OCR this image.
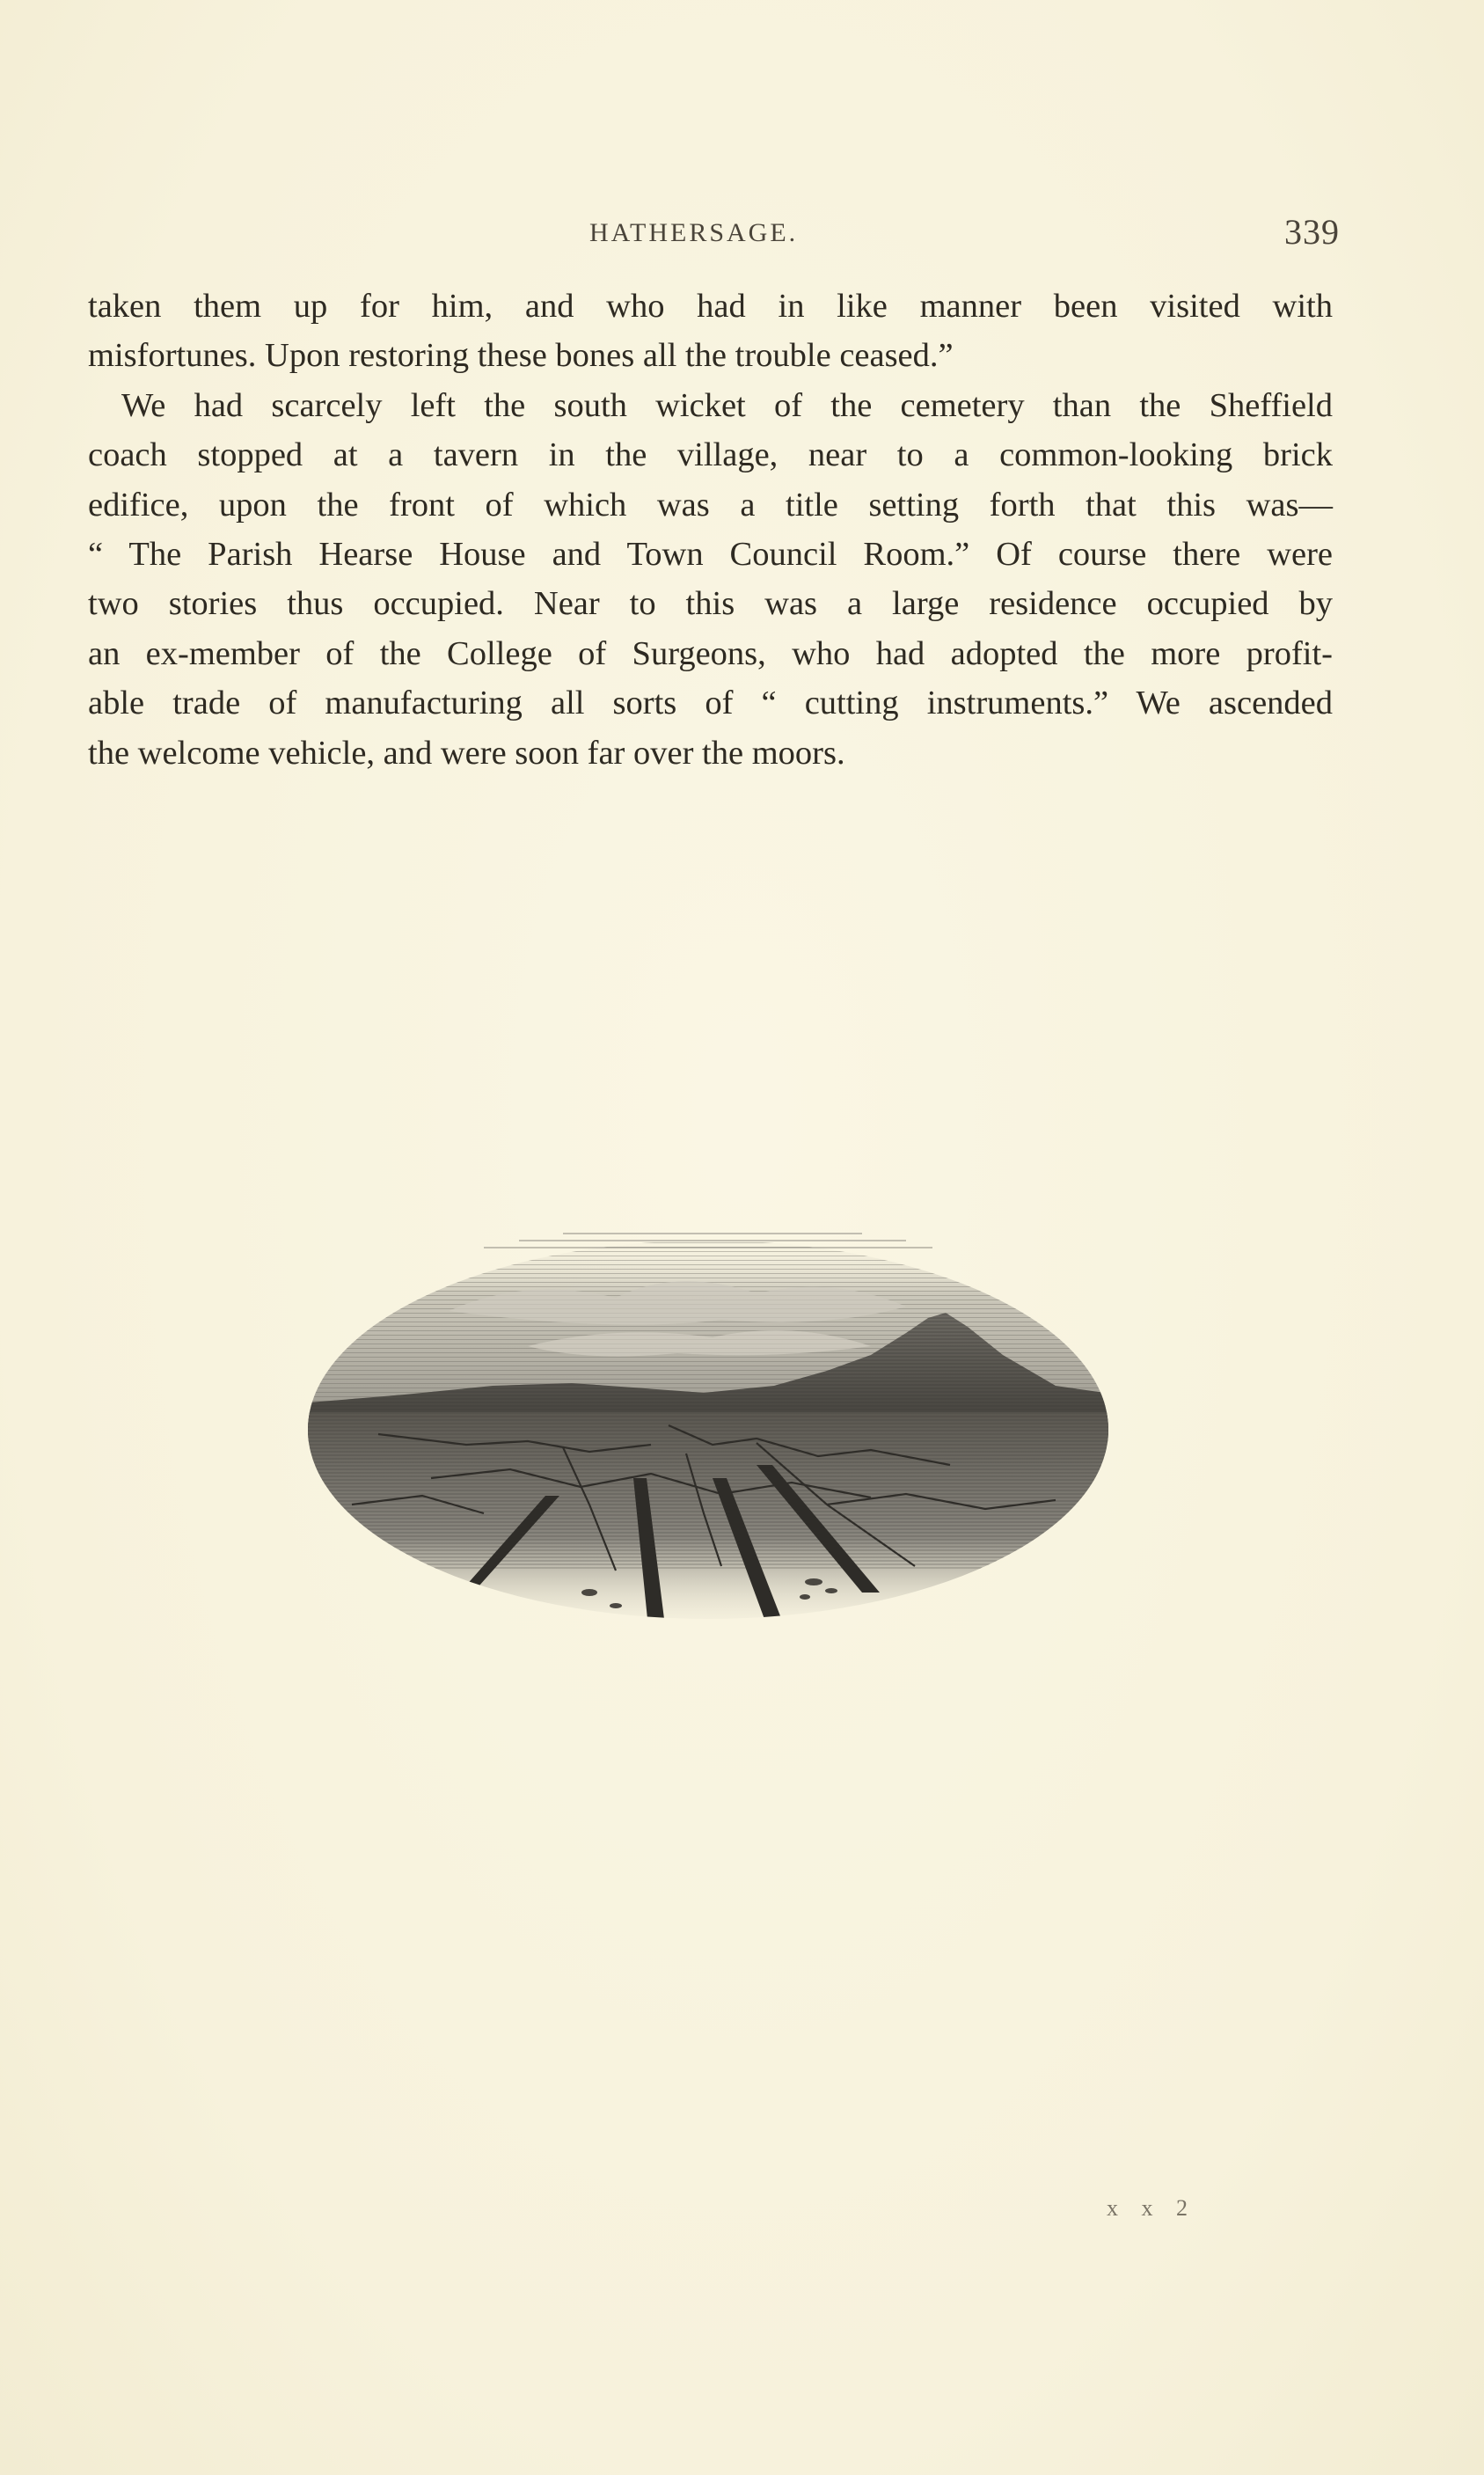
HATHERSAGE.	339

taken them up for him, and who had in like manner been visited with
misfortunes. Upon restoring these bones all the trouble ceased.”

We had scarcely left the south wicket of the cemetery than the Sheffield
coach stopped at a tavern in the village, near to a common-looking brick
edifice, upon the front of which was a title setting forth that this was—
“ The Parish Hearse House and Town Council Room.” Of course there were
two stories thus occupied. Near to this was a large residence occupied by
an ex-member of the College of Surgeons, who had adopted the more profit-
able trade of manufacturing all sorts of “ cutting instruments.” We ascended
the welcome vehicle, and were soon far over the moors.

x x 2
